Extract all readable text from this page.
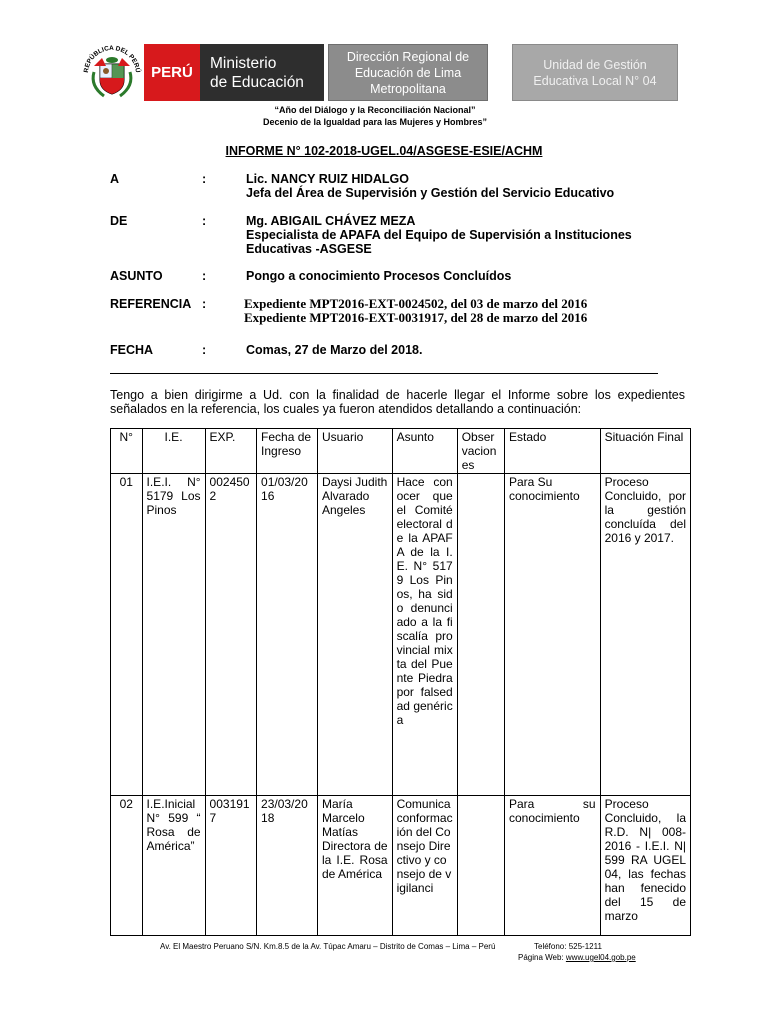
REPÚBLICA DEL PERÚ PERÚ
Ministerio
de Educación
Dirección Regional de
Educación de Lima
Metropolitana
Unidad de Gestión
Educativa Local N° 04
“Año del Diálogo y la Reconciliación Nacional”
Decenio de la Igualdad para las Mujeres y Hombres”
INFORME N° 102-2018-UGEL.04/ASGESE-ESIE/ACHM
A	:	Lic. NANCY RUIZ HIDALGO
Jefa del Área de Supervisión y Gestión del Servicio Educativo
DE	:	Mg. ABIGAIL CHÁVEZ MEZA
Especialista de APAFA del Equipo de Supervisión a Instituciones
Educativas -ASGESE
ASUNTO	:	Pongo a conocimiento Procesos Concluídos
REFERENCIA :	Expediente MPT2016-EXT-0024502, del 03 de marzo del 2016
Expediente MPT2016-EXT-0031917, del 28 de marzo del 2016
FECHA	:	Comas, 27 de Marzo del 2018.
Tengo a bien dirigirme a Ud. con la finalidad de hacerle llegar el Informe sobre los expedientes señalados en la referencia, los cuales ya fueron atendidos detallando a continuación:
N°	I.E.	EXP.	Fecha de Ingreso	Usuario	Asunto	Observaciones	Estado	Situación Final
01	I.E.I. N° 5179 Los Pinos	0024502	01/03/2016	Daysi Judith Alvarado Angeles	Hace conocer que el Comité electoral de la APAFA de la I.E. N° 5179 Los Pinos, ha sido denunciado a la fiscalía provincial mixta del Puente Piedra por falsedad genérica		Para Su conocimiento	Proceso Concluido, por la gestión concluída del 2016 y 2017.
02	I.E.Inicial N° 599 “ Rosa de América”	0031917	23/03/2018	María Marcelo Matías Directora de la I.E. Rosa de América	Comunica conformación del Consejo Directivo y consejo de vigilanci		Para su conocimiento	Proceso Concluido, la R.D. N| 008-2016 - I.E.I. N| 599 RA UGEL 04, las fechas han fenecido del 15 de marzo
Av. El Maestro Peruano S/N. Km.8.5 de la Av. Túpac Amaru – Distrito de Comas – Lima – Perú	Teléfono: 525-1211
Página Web: www.ugel04.gob.pe
